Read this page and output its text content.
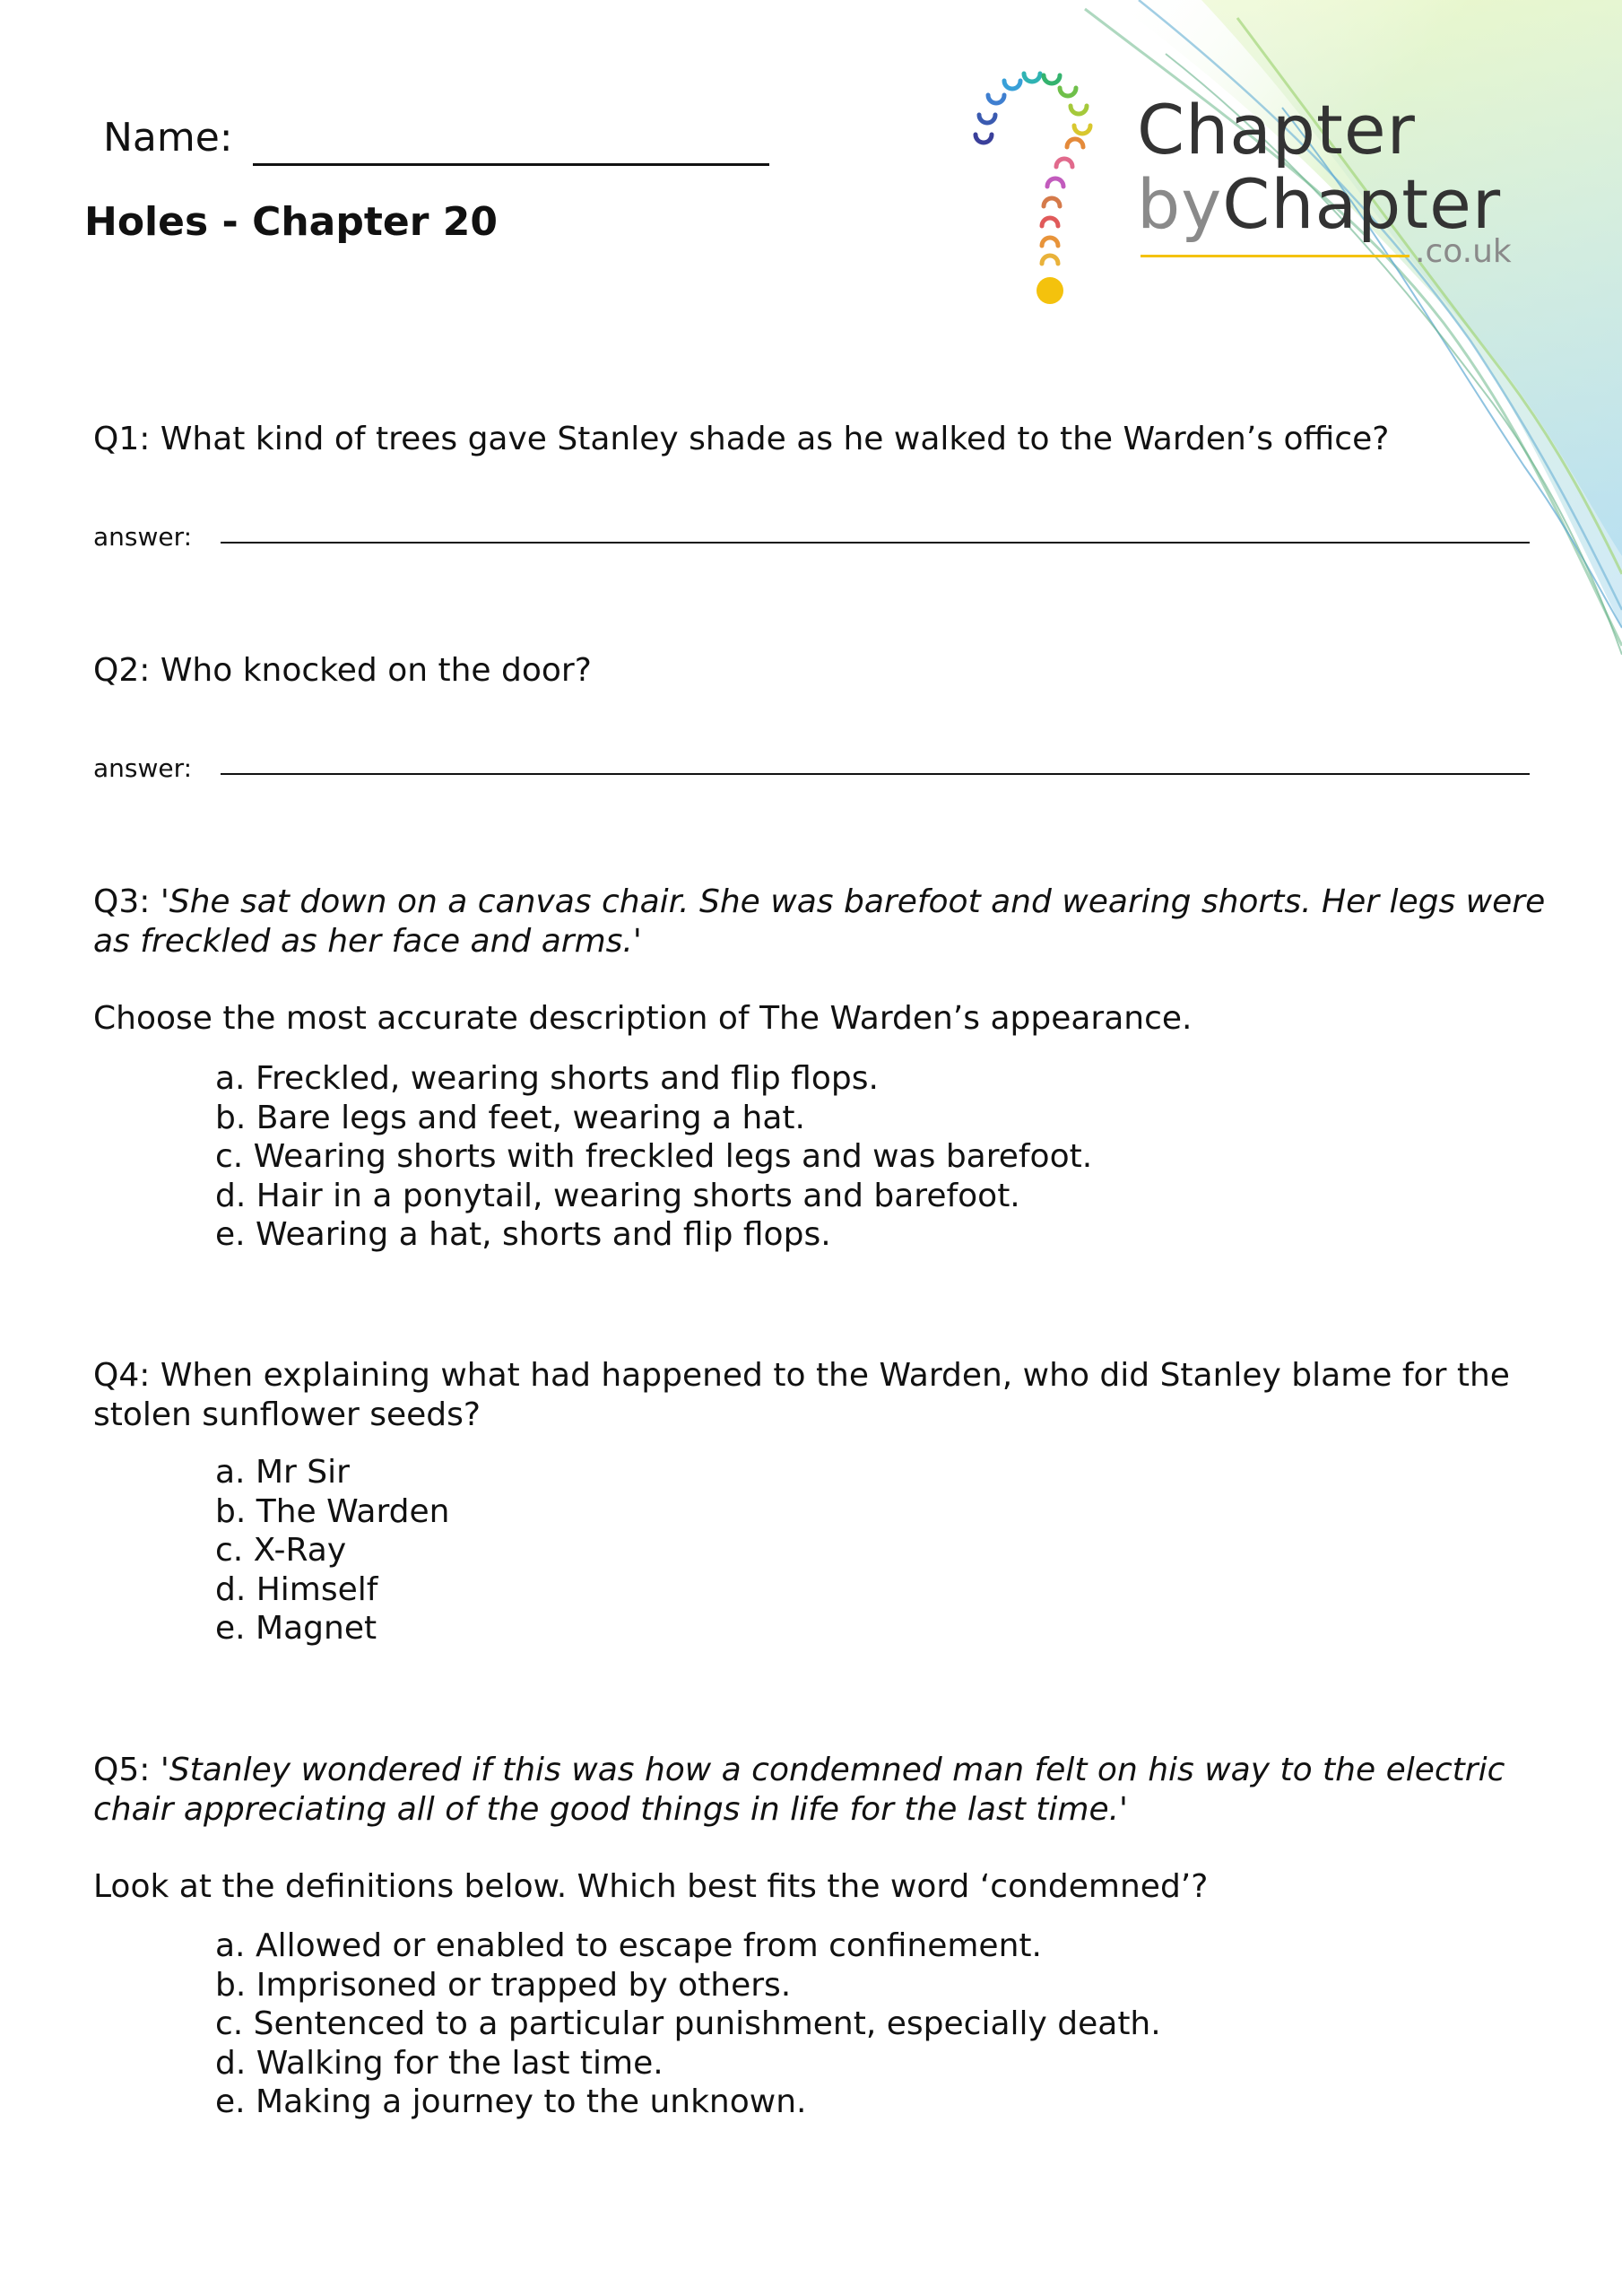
Name:
Holes - Chapter 20
Chapter
byChapter
.co.uk
Q1: What kind of trees gave Stanley shade as he walked to the Warden’s office?
answer:
Q2: Who knocked on the door?
answer:
Q3: 'She sat down on a canvas chair. She was barefoot and wearing shorts. Her legs were as freckled as her face and arms.'
Choose the most accurate description of The Warden’s appearance.
a. Freckled, wearing shorts and flip flops.
b. Bare legs and feet, wearing a hat.
c. Wearing shorts with freckled legs and was barefoot.
d. Hair in a ponytail, wearing shorts and barefoot.
e. Wearing a hat, shorts and flip flops.
Q4: When explaining what had happened to the Warden, who did Stanley blame for the stolen sunflower seeds?
a. Mr Sir
b. The Warden
c. X-Ray
d. Himself
e. Magnet
Q5: 'Stanley wondered if this was how a condemned man felt on his way to the electric chair appreciating all of the good things in life for the last time.'
Look at the definitions below. Which best fits the word ‘condemned’?
a. Allowed or enabled to escape from confinement.
b. Imprisoned or trapped by others.
c. Sentenced to a particular punishment, especially death.
d. Walking for the last time.
e. Making a journey to the unknown.
